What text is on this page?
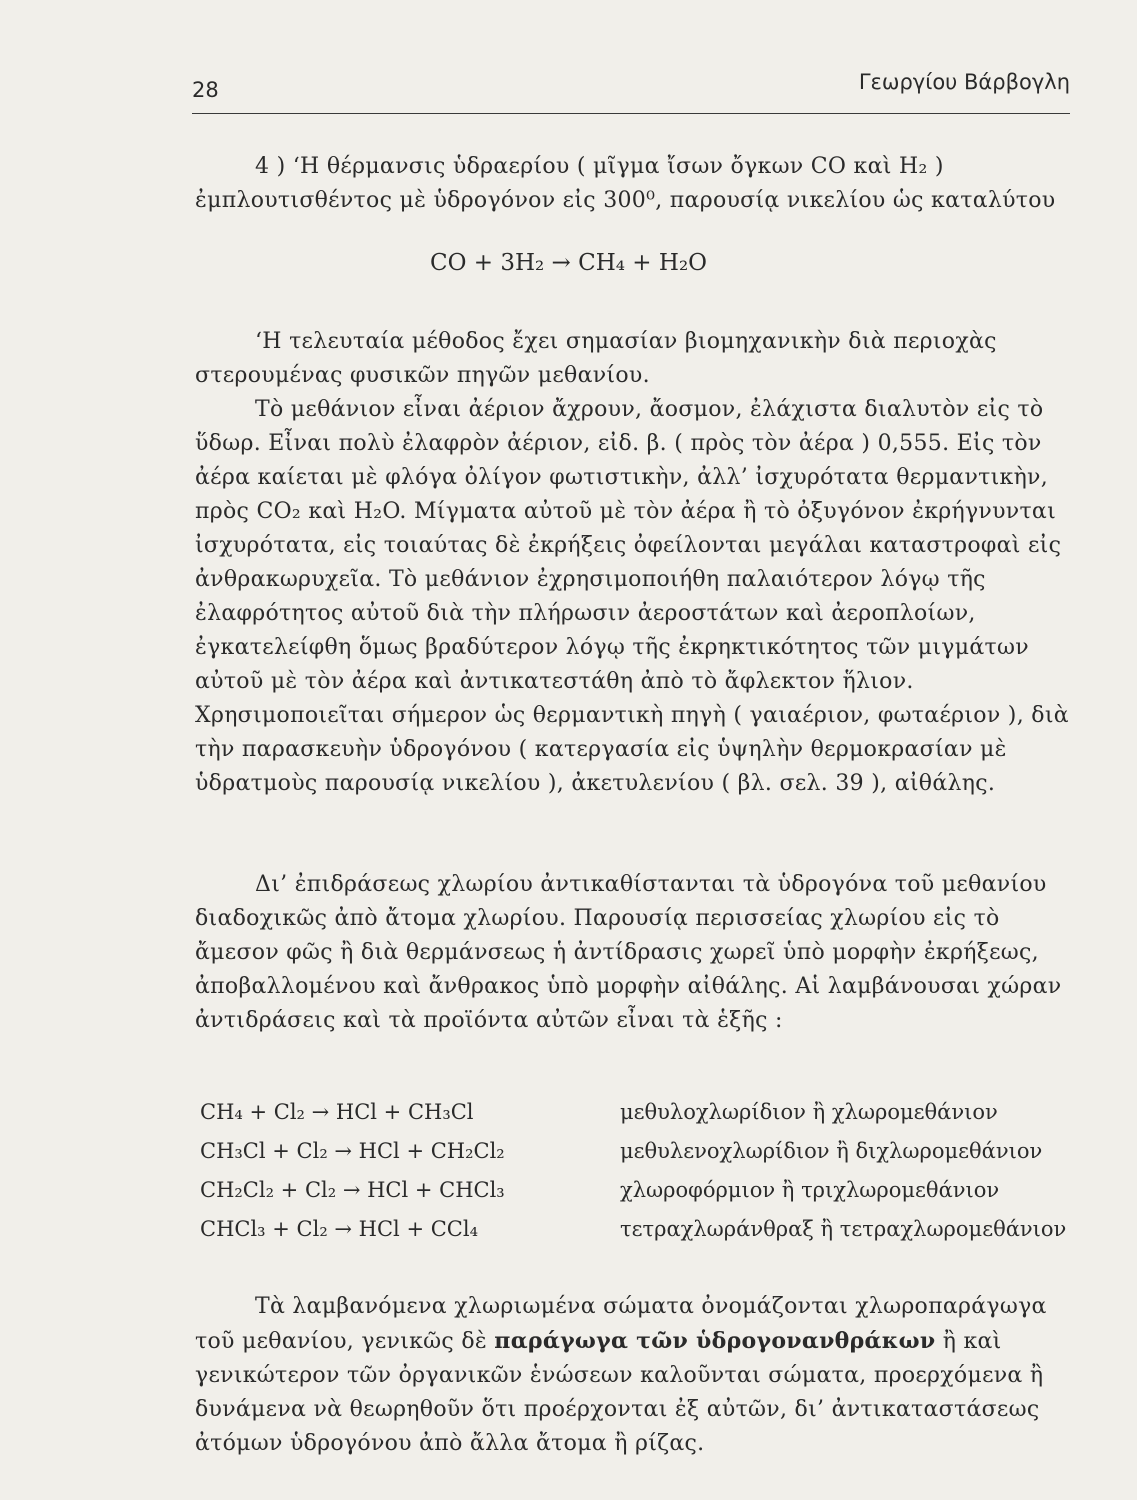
28	Γεωργίου Βάρβογλη
4 ) ‘Η θέρμανσις ὑδραερίου ( μῖγμα ἴσων ὄγκων CO καὶ H₂ ) ἐμπλουτισθέντος μὲ ὑδρογόνον εἰς 300⁰, παρουσίᾳ νικελίου ὡς καταλύτου
CO + 3H₂ → CH₄ + H₂O
‘Η τελευταία μέθοδος ἔχει σημασίαν βιομηχανικὴν διὰ περιοχὰς στερουμένας φυσικῶν πηγῶν μεθανίου.
Τὸ μεθάνιον εἶναι ἀέριον ἄχρουν, ἄοσμον, ἐλάχιστα διαλυτὸν εἰς τὸ ὕδωρ. Εἶναι πολὺ ἐλαφρὸν ἀέριον, εἰδ. β. ( πρὸς τὸν ἀέρα ) 0,555. Εἰς τὸν ἀέρα καίεται μὲ φλόγα ὀλίγον φωτιστικὴν, ἀλλ’ ἰσχυρότατα θερμαντικὴν, πρὸς CO₂ καὶ H₂O. Μίγματα αὐτοῦ μὲ τὸν ἀέρα ἢ τὸ ὀξυγόνον ἐκρήγνυνται ἰσχυρότατα, εἰς τοιαύτας δὲ ἐκρήξεις ὀφείλονται μεγάλαι καταστροφαὶ εἰς ἀνθρακωρυχεῖα. Τὸ μεθάνιον ἐχρησιμοποιήθη παλαιότερον λόγῳ τῆς ἐλαφρότητος αὐτοῦ διὰ τὴν πλήρωσιν ἀεροστάτων καὶ ἀεροπλοίων, ἐγκατελείφθη ὅμως βραδύτερον λόγῳ τῆς ἐκρηκτικότητος τῶν μιγμάτων αὐτοῦ μὲ τὸν ἀέρα καὶ ἀντικατεστάθη ἀπὸ τὸ ἄφλεκτον ἥλιον. Χρησιμοποιεῖται σήμερον ὡς θερμαντικὴ πηγὴ ( γαιαέριον, φωταέριον ), διὰ τὴν παρασκευὴν ὑδρογόνου ( κατεργασία εἰς ὑψηλὴν θερμοκρασίαν μὲ ὑδρατμοὺς παρουσίᾳ νικελίου ), ἀκετυλενίου ( βλ. σελ. 39 ), αἰθάλης.
Δι’ ἐπιδράσεως χλωρίου ἀντικαθίστανται τὰ ὑδρογόνα τοῦ μεθανίου διαδοχικῶς ἀπὸ ἄτομα χλωρίου. Παρουσίᾳ περισσείας χλωρίου εἰς τὸ ἄμεσον φῶς ἢ διὰ θερμάνσεως ἡ ἀντίδρασις χωρεῖ ὑπὸ μορφὴν ἐκρήξεως, ἀποβαλλομένου καὶ ἄνθρακος ὑπὸ μορφὴν αἰθάλης. Αἱ λαμβάνουσαι χώραν ἀντιδράσεις καὶ τὰ προϊόντα αὐτῶν εἶναι τὰ ἑξῆς :
CH₄ + Cl₂ → HCl + CH₃Cl	μεθυλοχλωρίδιον ἢ χλωρομεθάνιον
CH₃Cl + Cl₂ → HCl + CH₂Cl₂	μεθυλενοχλωρίδιον ἢ διχλωρομεθάνιον
CH₂Cl₂ + Cl₂ → HCl + CHCl₃	χλωροφόρμιον ἢ τριχλωρομεθάνιον
CHCl₃ + Cl₂ → HCl + CCl₄	τετραχλωράνθραξ ἢ τετραχλωρομεθάνιον
Τὰ λαμβανόμενα χλωριωμένα σώματα ὀνομάζονται χλωροπαράγωγα τοῦ μεθανίου, γενικῶς δὲ παράγωγα τῶν ὑδρογονανθράκων ἢ καὶ γενικώτερον τῶν ὀργανικῶν ἑνώσεων καλοῦνται σώματα, προερχόμενα ἢ δυνάμενα νὰ θεωρηθοῦν ὅτι προέρχονται ἐξ αὐτῶν, δι’ ἀντικαταστάσεως ἀτόμων ὑδρογόνου ἀπὸ ἄλλα ἄτομα ἢ ρίζας.
